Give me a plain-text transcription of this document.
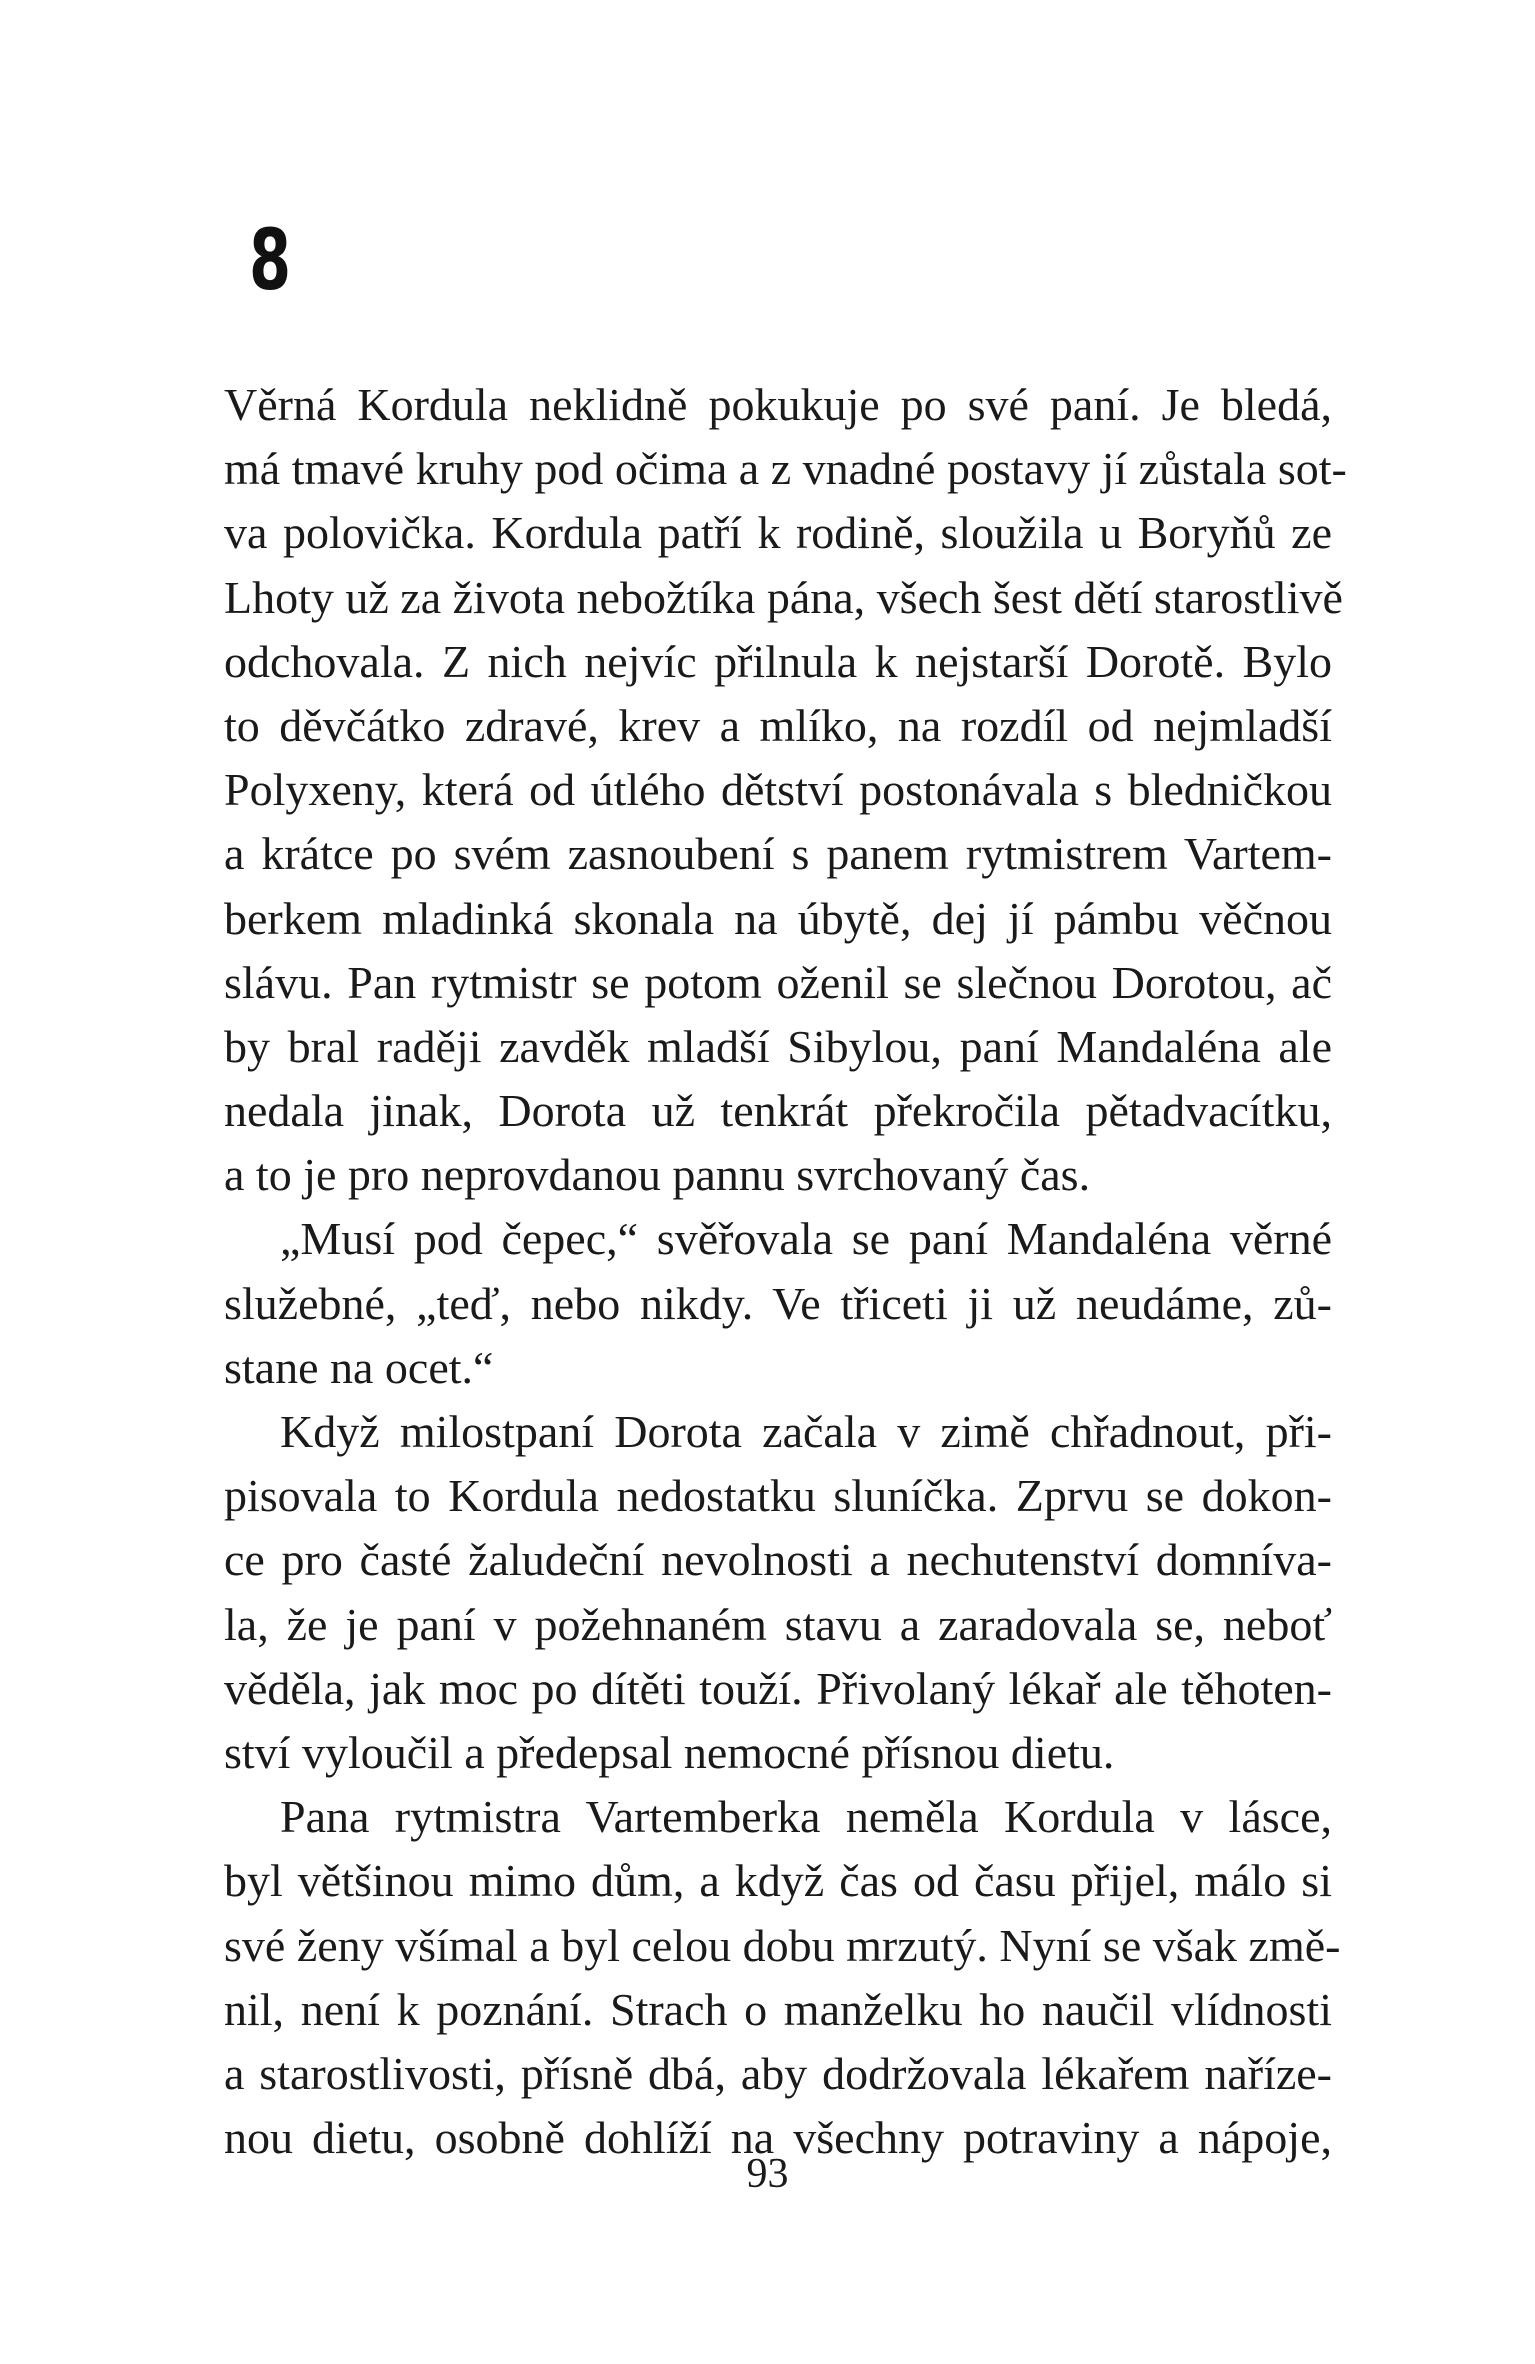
8
Věrná Kordula neklidně pokukuje po své paní. Je bledá,
má tmavé kruhy pod očima a z vnadné postavy jí zůstala sot-
va polovička. Kordula patří k rodině, sloužila u Boryňů ze
Lhoty už za života nebožtíka pána, všech šest dětí starostlivě
odchovala. Z nich nejvíc přilnula k nejstarší Dorotě. Bylo
to děvčátko zdravé, krev a mlíko, na rozdíl od nejmladší
Polyxeny, která od útlého dětství postonávala s bledničkou
a krátce po svém zasnoubení s panem rytmistrem Vartem-
berkem mladinká skonala na úbytě, dej jí pámbu věčnou
slávu. Pan rytmistr se potom oženil se slečnou Dorotou, ač
by bral raději zavděk mladší Sibylou, paní Mandaléna ale
nedala jinak, Dorota už tenkrát překročila pětadvacítku,
a to je pro neprovdanou pannu svrchovaný čas.
„Musí pod čepec,“ svěřovala se paní Mandaléna věrné
služebné, „teď, nebo nikdy. Ve třiceti ji už neudáme, zů-
stane na ocet.“
Když milostpaní Dorota začala v zimě chřadnout, při-
pisovala to Kordula nedostatku sluníčka. Zprvu se dokon-
ce pro časté žaludeční nevolnosti a nechutenství domníva-
la, že je paní v požehnaném stavu a zaradovala se, neboť
věděla, jak moc po dítěti touží. Přivolaný lékař ale těhoten-
ství vyloučil a předepsal nemocné přísnou dietu.
Pana rytmistra Vartemberka neměla Kordula v lásce,
byl většinou mimo dům, a když čas od času přijel, málo si
své ženy všímal a byl celou dobu mrzutý. Nyní se však změ-
nil, není k poznání. Strach o manželku ho naučil vlídnosti
a starostlivosti, přísně dbá, aby dodržovala lékařem nařízе-
nou dietu, osobně dohlíží na všechny potraviny a nápoje,
93
